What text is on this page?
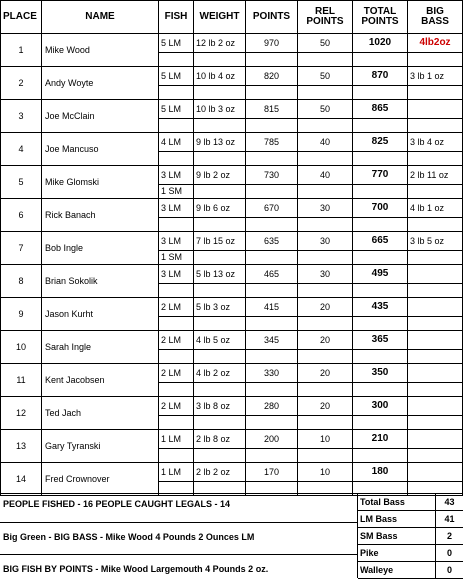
PLACE	NAME	FISH	WEIGHT	POINTS	REL
POINTS	TOTAL
POINTS	BIG
BASS
1	Mike Wood	5 LM	12 lb 2 oz	970	50	1020	4lb2oz

2	Andy Woyte	5 LM	10 lb 4 oz	820	50	870	3 lb 1 oz

3	Joe McClain	5 LM	10 lb 3 oz	815	50	865	

4	Joe Mancuso	4 LM	9 lb 13 oz	785	40	825	3 lb 4 oz

5	Mike Glomski	3 LM	9 lb 2 oz	730	40	770	2 lb 11 oz
		1 SM					
6	Rick Banach	3 LM	9 lb 6 oz	670	30	700	4 lb 1 oz

7	Bob Ingle	3 LM	7 lb 15 oz	635	30	665	3 lb 5 oz
		1 SM					
8	Brian Sokolik	3 LM	5 lb 13 oz	465	30	495	

9	Jason Kurht	2 LM	5 lb 3 oz	415	20	435	

10	Sarah Ingle	2 LM	4 lb 5 oz	345	20	365	

11	Kent Jacobsen	2 LM	4 lb 2 oz	330	20	350	

12	Ted Jach	2 LM	3 lb 8 oz	280	20	300	

13	Gary Tyranski	1 LM	2 lb 8 oz	200	10	210	

14	Fred Crownover	1 LM	2 lb 2 oz	170	10	180	

PEOPLE FISHED - 16 PEOPLE CAUGHT LEGALS - 14
Big Green - BIG BASS - Mike Wood 4 Pounds 2 Ounces LM
BIG FISH BY POINTS - Mike Wood Largemouth 4 Pounds 2 oz.
Total Bass	43
LM Bass	41
SM Bass	2
Pike	0
Walleye	0
